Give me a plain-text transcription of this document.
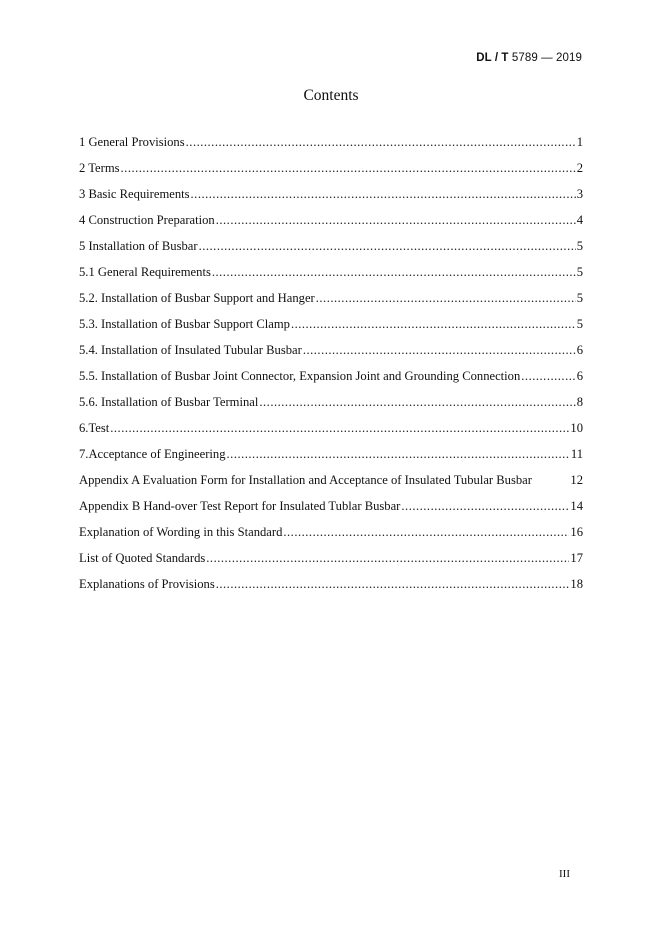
DL / T 5789 — 2019
Contents
1 General Provisions .....	1
2 Terms .....	2
3 Basic Requirements .....	3
4 Construction Preparation .....	4
5 Installation of Busbar .....	5
5.1 General Requirements .....	5
5.2. Installation of Busbar Support and Hanger .....	5
5.3. Installation of Busbar Support Clamp .....	5
5.4. Installation of Insulated Tubular Busbar .....	6
5.5. Installation of Busbar Joint Connector, Expansion Joint and Grounding Connection .....	6
5.6. Installation of Busbar Terminal .....	8
6.Test .....	10
7.Acceptance of Engineering .....	11
Appendix A Evaluation Form for Installation and Acceptance of Insulated Tubular Busbar	12
Appendix B Hand-over Test Report for Insulated Tublar Busbar .....	14
Explanation of Wording in this Standard .....	16
List of Quoted Standards .....	17
Explanations of Provisions .....	18
III
